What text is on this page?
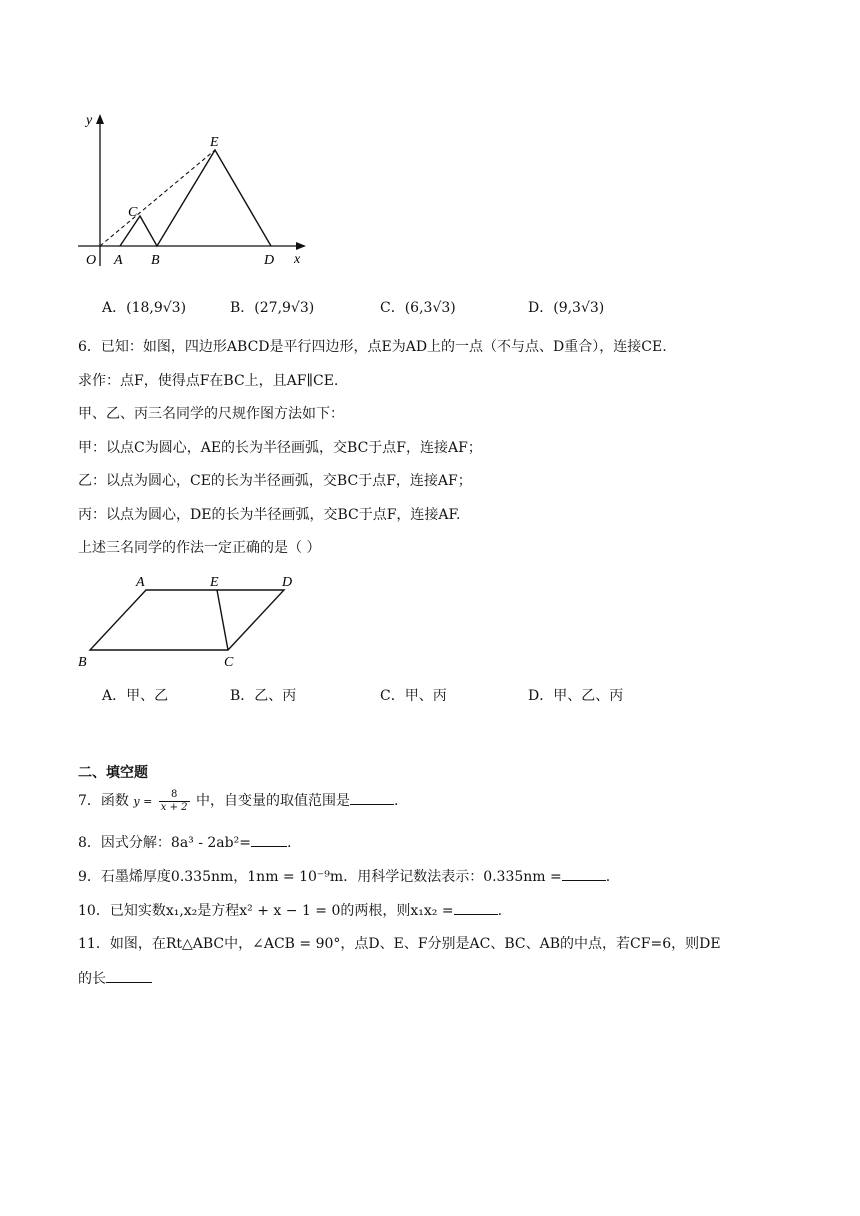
y
x
O A B
C
D
E
A．(18,9√3)	B．(27,9√3)	C．(6,3√3)	D．(9,3√3)
6．已知：如图，四边形ABCD是平行四边形，点E为AD上的一点（不与点、D重合），连接CE.
求作：点F，使得点F在BC上，且AF∥CE.
甲、乙、丙三名同学的尺规作图方法如下：
甲：以点C为圆心，AE的长为半径画弧，交BC于点F，连接AF；
乙：以点为圆心，CE的长为半径画弧，交BC于点F，连接AF；
丙：以点为圆心，DE的长为半径画弧，交BC于点F，连接AF.
上述三名同学的作法一定正确的是（ ）
A	E	D
B	C
A．甲、乙	B．乙、丙	C．甲、丙	D．甲、乙、丙
二、填空题
7．函数 $y = \frac{8}{x + 2}$ 中，自变量的取值范围是	.
8．因式分解：8a³ - 2ab²=	.
9．石墨烯厚度0.335nm，1nm = 10⁻⁹m．用科学记数法表示：0.335nm =	.
10．已知实数x₁,x₂是方程x² + x − 1 = 0的两根，则x₁x₂ =	.
11．如图，在Rt△ABC中，∠ACB = 90°，点D、E、F分别是AC、BC、AB的中点，若CF=6，则DE
的长
